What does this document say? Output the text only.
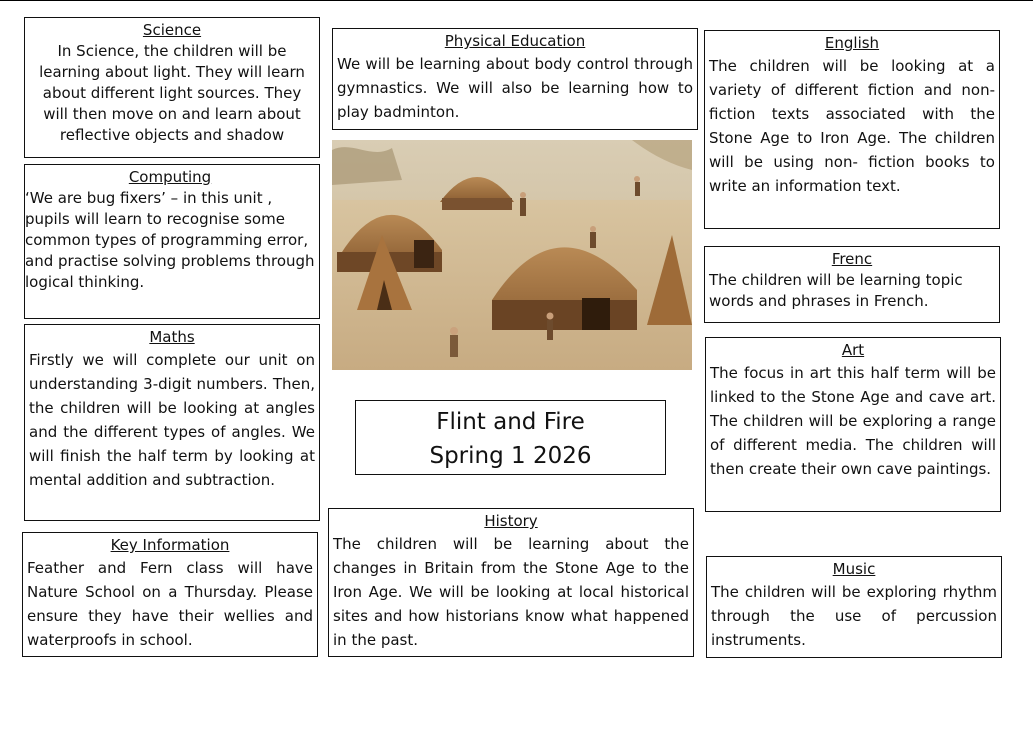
Science
In Science, the children will be learning about light. They will learn about different light sources. They will then move on and learn about reflective objects and shadow
Computing
‘We are bug fixers’ – in this unit , pupils will learn to recognise some common types of programming error, and practise solving problems through logical thinking.
Maths
Firstly we will complete our unit on understanding 3-digit numbers. Then, the children will be looking at angles and the different types of angles. We will finish the half term by looking at mental addition and subtraction.
Key Information
Feather and Fern class will have Nature School on a Thursday. Please ensure they have their wellies and waterproofs in school.
Physical Education
We will be learning about body control through gymnastics. We will also be learning how to play badminton.
Flint and Fire
Spring 1 2026
History
The children will be learning about the changes in Britain from the Stone Age to the Iron Age. We will be looking at local historical sites and how historians know what happened in the past.
English
The children will be looking at a variety of different fiction and non-fiction texts associated with the Stone Age to Iron Age. The children will be using non- fiction books to write an information text.
Frenc
The children will be learning topic words and phrases in French.
Art
The focus in art this half term will be linked to the Stone Age and cave art. The children will be exploring a range of different media. The children will then create their own cave paintings.
Music
The children will be exploring rhythm through the use of percussion instruments.
